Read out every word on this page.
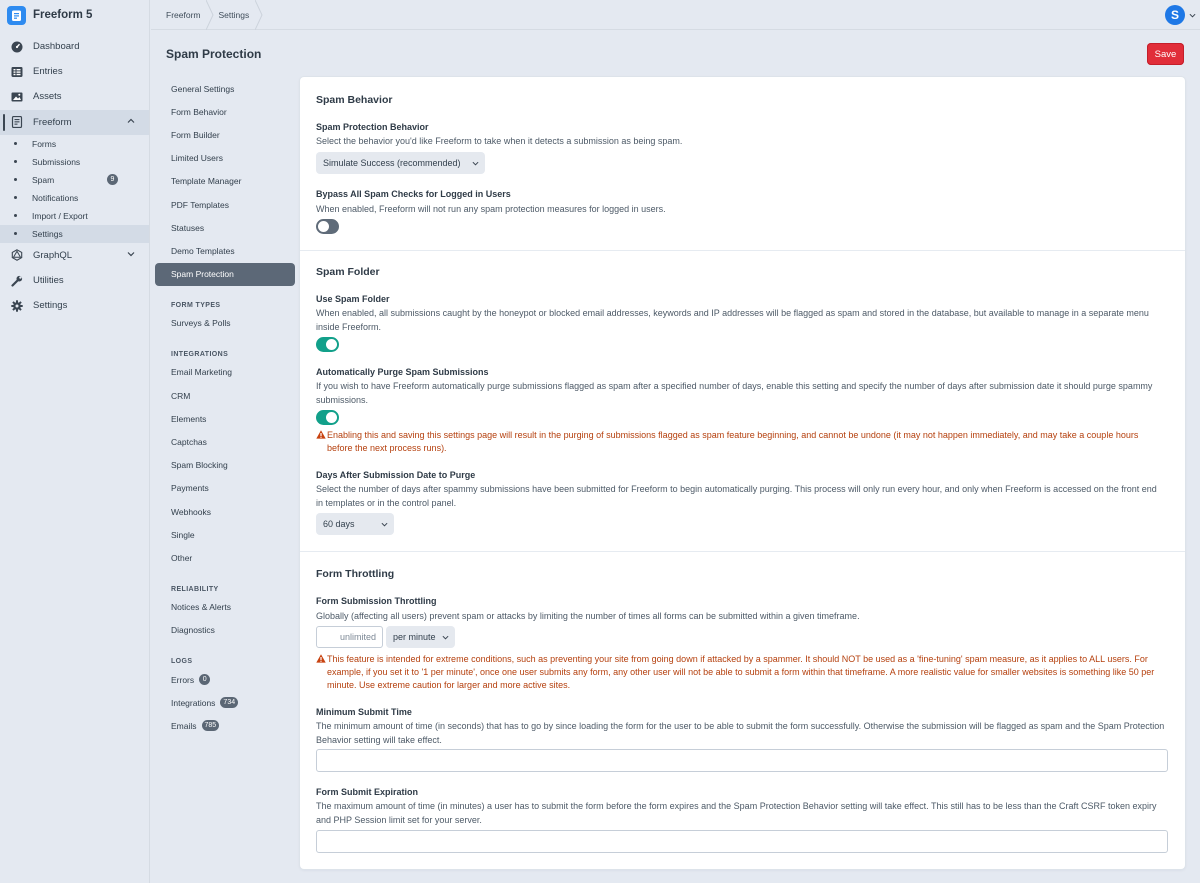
Freeform 5
Dashboard
Entries
Assets
Freeform
Forms
Submissions
Spam	9
Notifications
Import / Export
Settings
GraphQL
Utilities
Settings
Freeform Settings	S
Spam Protection	Save
General Settings
Form Behavior
Form Builder
Limited Users
Template Manager
PDF Templates
Statuses
Demo Templates
Spam Protection
FORM TYPES
Surveys & Polls
INTEGRATIONS
Email Marketing
CRM
Elements
Captchas
Spam Blocking
Payments
Webhooks
Single
Other
RELIABILITY
Notices & Alerts
Diagnostics
LOGS
Errors	0
Integrations	734
Emails	785
Spam Behavior
Spam Protection Behavior
Select the behavior you'd like Freeform to take when it detects a submission as being spam.
Simulate Success (recommended)
Bypass All Spam Checks for Logged in Users
When enabled, Freeform will not run any spam protection measures for logged in users.
Spam Folder
Use Spam Folder
When enabled, all submissions caught by the honeypot or blocked email addresses, keywords and IP addresses will be flagged as spam and stored in the database, but available to manage in a separate menu inside Freeform.
Automatically Purge Spam Submissions
If you wish to have Freeform automatically purge submissions flagged as spam after a specified number of days, enable this setting and specify the number of days after submission date it should purge spammy submissions.
Enabling this and saving this settings page will result in the purging of submissions flagged as spam feature beginning, and cannot be undone (it may not happen immediately, and may take a couple hours before the next process runs).
Days After Submission Date to Purge
Select the number of days after spammy submissions have been submitted for Freeform to begin automatically purging. This process will only run every hour, and only when Freeform is accessed on the front end in templates or in the control panel.
60 days
Form Throttling
Form Submission Throttling
Globally (affecting all users) prevent spam or attacks by limiting the number of times all forms can be submitted within a given timeframe.
unlimited
per minute
This feature is intended for extreme conditions, such as preventing your site from going down if attacked by a spammer. It should NOT be used as a 'fine-tuning' spam measure, as it applies to ALL users. For example, if you set it to '1 per minute', once one user submits any form, any other user will not be able to submit a form within that timeframe. A more realistic value for smaller websites is something like 50 per minute. Use extreme caution for larger and more active sites.
Minimum Submit Time
The minimum amount of time (in seconds) that has to go by since loading the form for the user to be able to submit the form successfully. Otherwise the submission will be flagged as spam and the Spam Protection Behavior setting will take effect.
Form Submit Expiration
The maximum amount of time (in minutes) a user has to submit the form before the form expires and the Spam Protection Behavior setting will take effect. This still has to be less than the Craft CSRF token expiry and PHP Session limit set for your server.
